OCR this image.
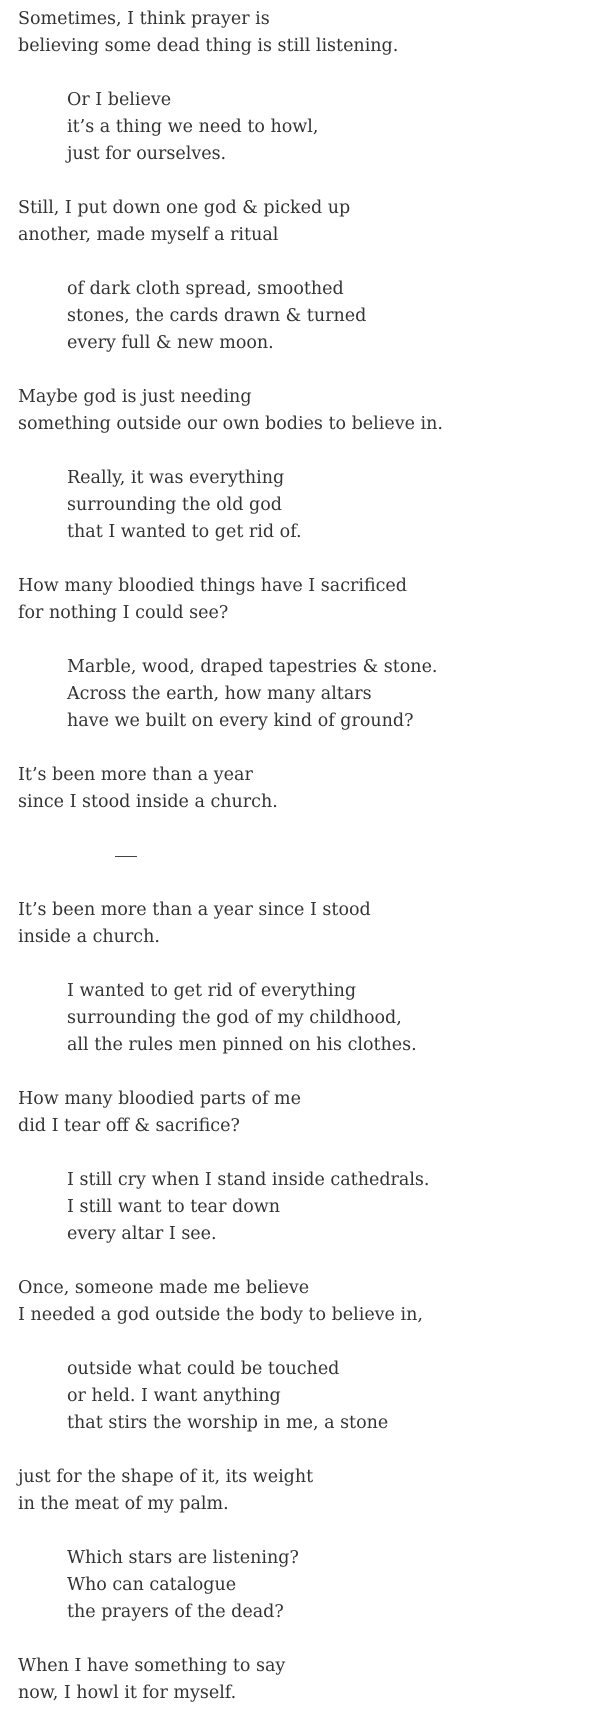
Sometimes, I think prayer is
believing some dead thing is still listening.
Or I believe
it’s a thing we need to howl,
just for ourselves.
Still, I put down one god & picked up
another, made myself a ritual
of dark cloth spread, smoothed
stones, the cards drawn & turned
every full & new moon.
Maybe god is just needing
something outside our own bodies to believe in.
Really, it was everything
surrounding the old god
that I wanted to get rid of.
How many bloodied things have I sacrificed
for nothing I could see?
Marble, wood, draped tapestries & stone.
Across the earth, how many altars
have we built on every kind of ground?
It’s been more than a year
since I stood inside a church.
It’s been more than a year since I stood
inside a church.
I wanted to get rid of everything
surrounding the god of my childhood,
all the rules men pinned on his clothes.
How many bloodied parts of me
did I tear off & sacrifice?
I still cry when I stand inside cathedrals.
I still want to tear down
every altar I see.
Once, someone made me believe
I needed a god outside the body to believe in,
outside what could be touched
or held. I want anything
that stirs the worship in me, a stone
just for the shape of it, its weight
in the meat of my palm.
Which stars are listening?
Who can catalogue
the prayers of the dead?
When I have something to say
now, I howl it for myself.
